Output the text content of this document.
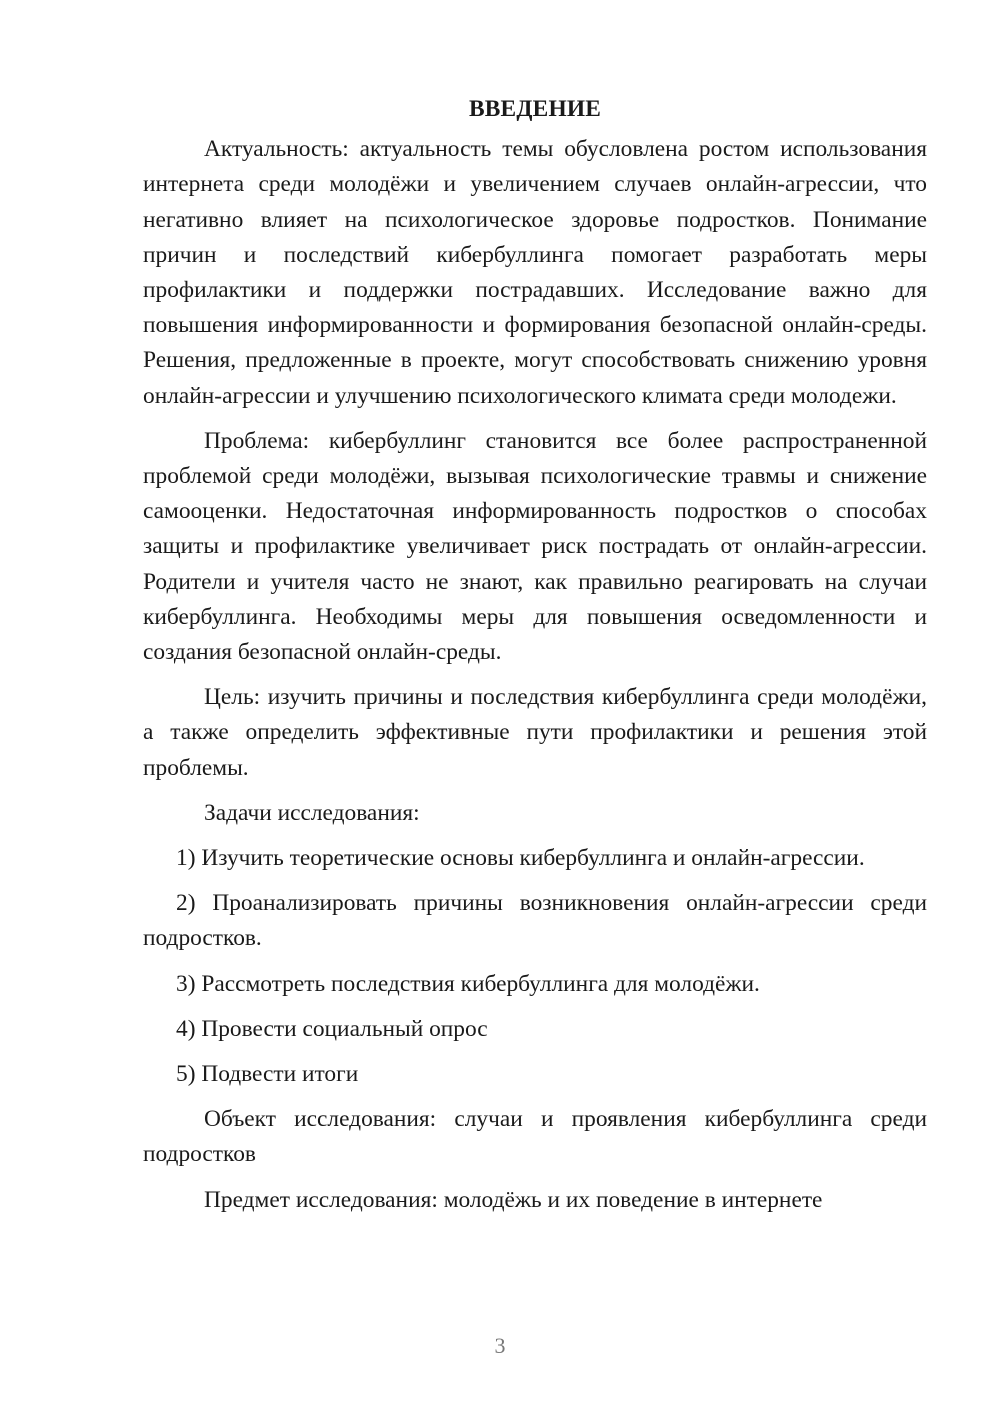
ВВЕДЕНИЕ

Актуальность: актуальность темы обусловлена ростом использования интернета среди молодёжи и увеличением случаев онлайн-агрессии, что негативно влияет на психологическое здоровье подростков. Понимание причин и последствий кибербуллинга помогает разработать меры профилактики и поддержки пострадавших. Исследование важно для повышения информированности и формирования безопасной онлайн-среды. Решения, предложенные в проекте, могут способствовать снижению уровня онлайн-агрессии и улучшению психологического климата среди молодежи.

Проблема: кибербуллинг становится все более распространенной проблемой среди молодёжи, вызывая психологические травмы и снижение самооценки. Недостаточная информированность подростков о способах защиты и профилактике увеличивает риск пострадать от онлайн-агрессии. Родители и учителя часто не знают, как правильно реагировать на случаи кибербуллинга. Необходимы меры для повышения осведомленности и создания безопасной онлайн-среды.

Цель: изучить причины и последствия кибербуллинга среди молодёжи, а также определить эффективные пути профилактики и решения этой проблемы.

Задачи исследования:

1) Изучить теоретические основы кибербуллинга и онлайн-агрессии.

2) Проанализировать причины возникновения онлайн-агрессии среди подростков.

3) Рассмотреть последствия кибербуллинга для молодёжи.

4) Провести социальный опрос

5) Подвести итоги

Объект исследования: случаи и проявления кибербуллинга среди подростков

Предмет исследования: молодёжь и их поведение в интернете

3
